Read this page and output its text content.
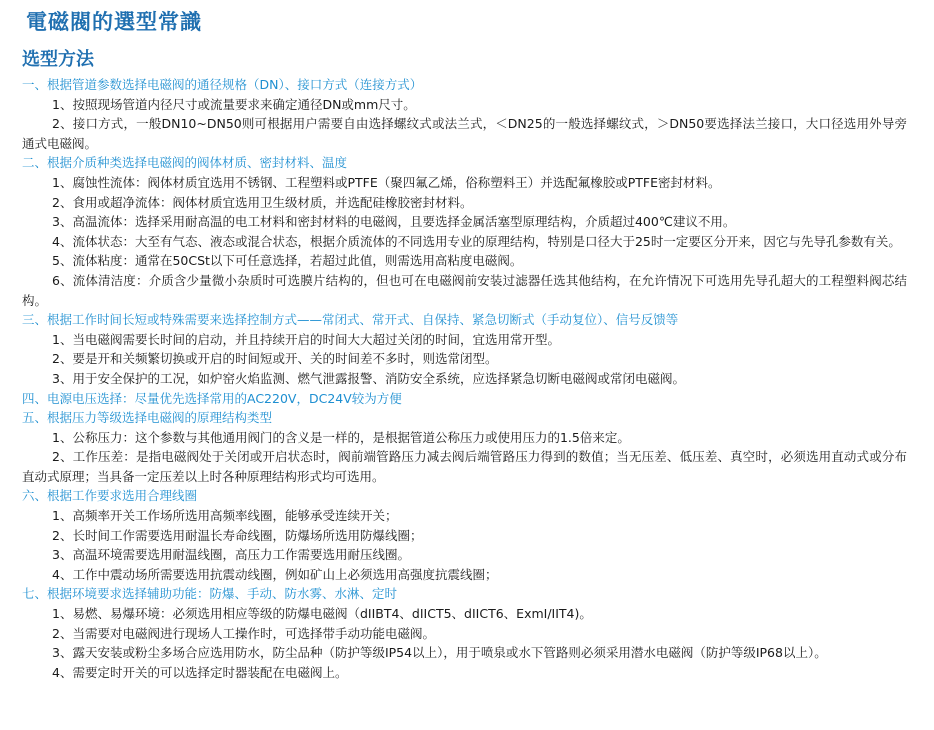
電磁閥的選型常識
选型方法
一、根据管道参数选择电磁阀的通径规格（DN）、接口方式（连接方式）
1、按照现场管道内径尺寸或流量要求来确定通径DN或mm尺寸。
2、接口方式，一般DN10~DN50则可根据用户需要自由选择螺纹式或法兰式，＜DN25的一般选择螺纹式，＞DN50要选择法兰接口，大口径选用外导旁通式电磁阀。
二、根据介质种类选择电磁阀的阀体材质、密封材料、温度
1、腐蚀性流体：阀体材质宜选用不锈钢、工程塑料或PTFE（聚四氟乙烯，俗称塑料王）并选配氟橡胶或PTFE密封材料。
2、食用或超净流体：阀体材质宜选用卫生级材质，并选配硅橡胶密封材料。
3、高温流体：选择采用耐高温的电工材料和密封材料的电磁阀，且要选择金属活塞型原理结构，介质超过400℃建议不用。
4、流体状态：大至有气态、液态或混合状态，根据介质流体的不同选用专业的原理结构，特别是口径大于25时一定要区分开来，因它与先导孔参数有关。
5、流体粘度：通常在50CSt以下可任意选择，若超过此值，则需选用高粘度电磁阀。
6、流体清洁度：介质含少量微小杂质时可选膜片结构的，但也可在电磁阀前安装过滤器任选其他结构，在允许情况下可选用先导孔超大的工程塑料阀芯结构。
三、根据工作时间长短或特殊需要来选择控制方式——常闭式、常开式、自保持、紧急切断式（手动复位）、信号反馈等
1、当电磁阀需要长时间的启动，并且持续开启的时间大大超过关闭的时间，宜选用常开型。
2、要是开和关频繁切换或开启的时间短或开、关的时间差不多时，则选常闭型。
3、用于安全保护的工况，如炉窑火焰监测、燃气泄露报警、消防安全系统，应选择紧急切断电磁阀或常闭电磁阀。
四、电源电压选择：尽量优先选择常用的AC220V，DC24V较为方便
五、根据压力等级选择电磁阀的原理结构类型
1、公称压力：这个参数与其他通用阀门的含义是一样的，是根据管道公称压力或使用压力的1.5倍来定。
2、工作压差：是指电磁阀处于关闭或开启状态时，阀前端管路压力减去阀后端管路压力得到的数值；当无压差、低压差、真空时，必须选用直动式或分布直动式原理；当具备一定压差以上时各种原理结构形式均可选用。
六、根据工作要求选用合理线圈
1、高频率开关工作场所选用高频率线圈，能够承受连续开关；
2、长时间工作需要选用耐温长寿命线圈，防爆场所选用防爆线圈；
3、高温环境需要选用耐温线圈，高压力工作需要选用耐压线圈。
4、工作中震动场所需要选用抗震动线圈，例如矿山上必须选用高强度抗震线圈；
七、根据环境要求选择辅助功能：防爆、手动、防水雾、水淋、定时
1、易燃、易爆环境：必须选用相应等级的防爆电磁阀（dIIBT4、dIICT5、dIICT6、ExmI/IIT4)。
2、当需要对电磁阀进行现场人工操作时，可选择带手动功能电磁阀。
3、露天安装或粉尘多场合应选用防水，防尘品种（防护等级IP54以上），用于喷泉或水下管路则必须采用潜水电磁阀（防护等级IP68以上）。
4、需要定时开关的可以选择定时器装配在电磁阀上。
